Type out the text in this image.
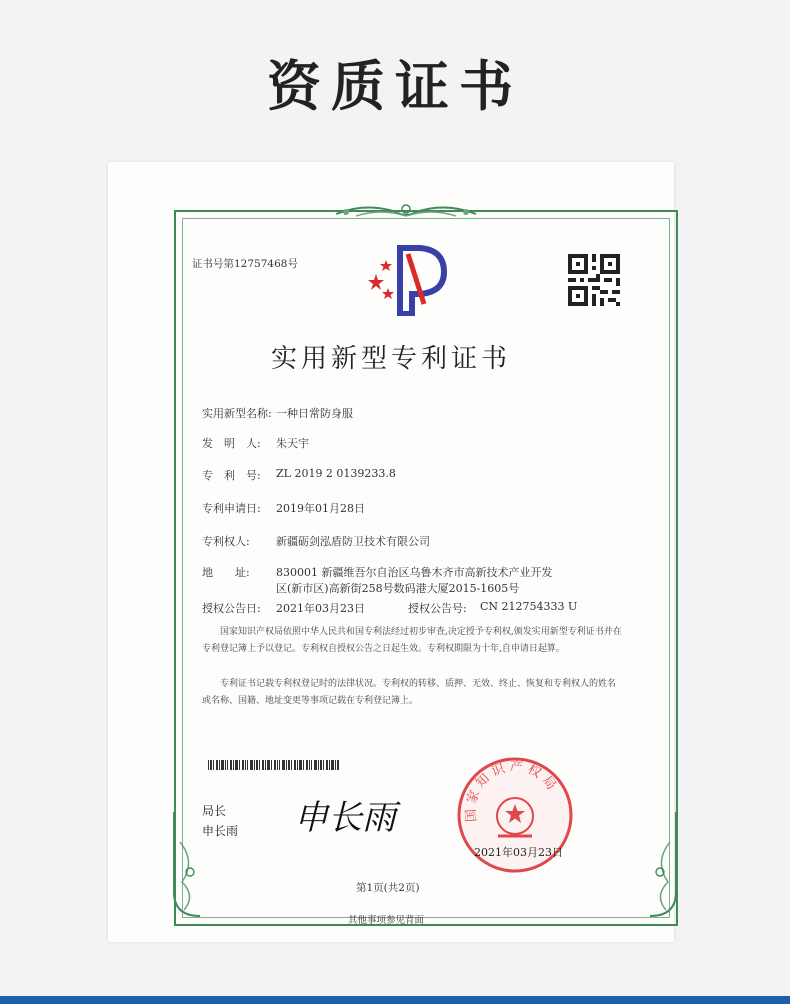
资质证书
证书号第12757468号
实用新型专利证书
实用新型名称: 一种日常防身服
发　明　人: 朱天宇
专　利　号: ZL 2019 2 0139233.8
专利申请日: 2019年01月28日
专利权人: 新疆砺剑泓盾防卫技术有限公司
地　　址: 830001 新疆维吾尔自治区乌鲁木齐市高新技术产业开发
区(新市区)高新街258号数码港大厦2015-1605号
授权公告日: 2021年03月23日	授权公告号: CN 212754333 U
国家知识产权局依照中华人民共和国专利法经过初步审查,决定授予专利权,颁发实用新型专利证书并在专利登记簿上予以登记。专利权自授权公告之日起生效。专利权期限为十年,自申请日起算。
专利证书记载专利权登记时的法律状况。专利权的转移、质押、无效、终止、恢复和专利权人的姓名或名称、国籍、地址变更等事项记载在专利登记簿上。
局长
申长雨 申长雨	国家知识产权局
2021年03月23日
第1页(共2页)
其他事项参见背面
